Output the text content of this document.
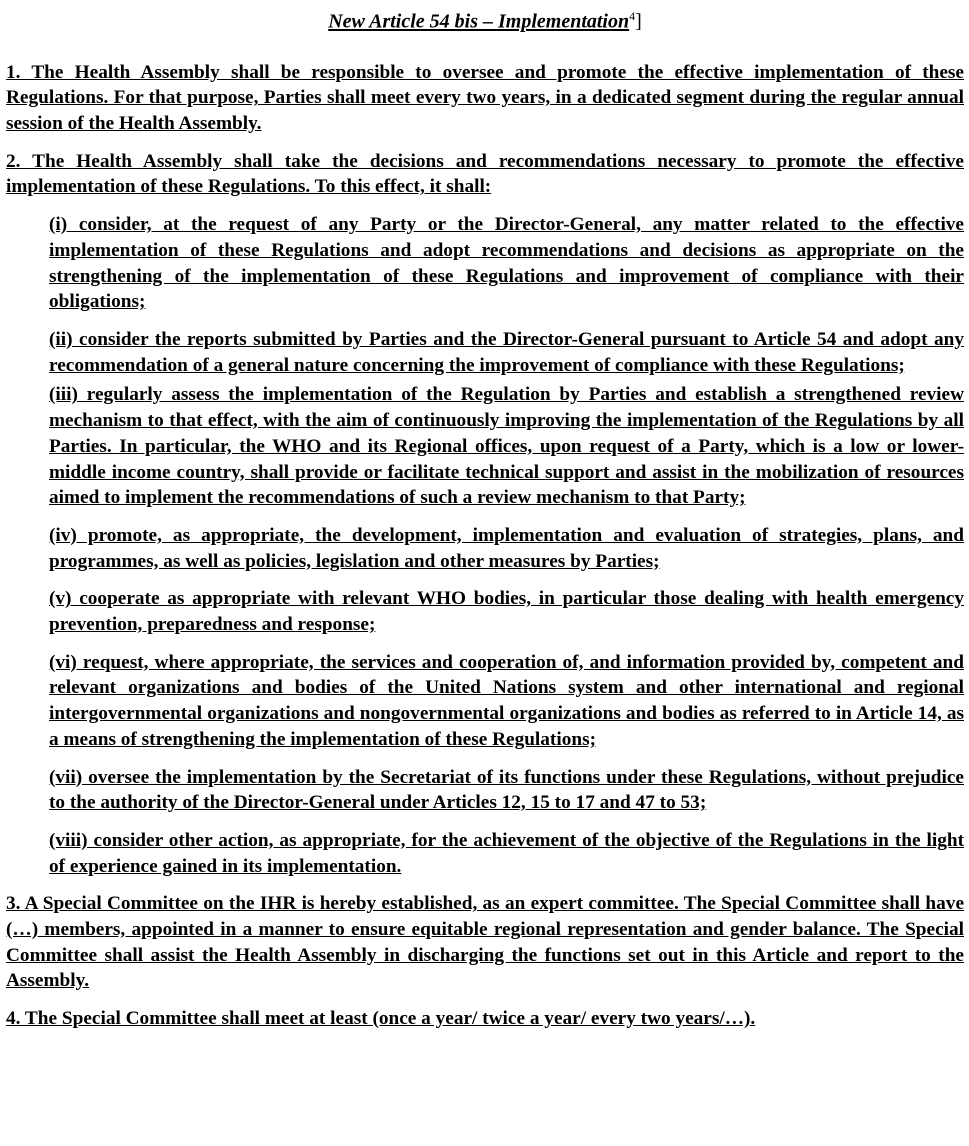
New Article 54 bis – Implementation$^4$]

1. The Health Assembly shall be responsible to oversee and promote the effective implementation of these Regulations. For that purpose, Parties shall meet every two years, in a dedicated segment during the regular annual session of the Health Assembly.

2. The Health Assembly shall take the decisions and recommendations necessary to promote the effective implementation of these Regulations. To this effect, it shall:

(i) consider, at the request of any Party or the Director-General, any matter related to the effective implementation of these Regulations and adopt recommendations and decisions as appropriate on the strengthening of the implementation of these Regulations and improvement of compliance with their obligations;

(ii) consider the reports submitted by Parties and the Director-General pursuant to Article 54 and adopt any recommendation of a general nature concerning the improvement of compliance with these Regulations;

(iii) regularly assess the implementation of the Regulation by Parties and establish a strengthened review mechanism to that effect, with the aim of continuously improving the implementation of the Regulations by all Parties. In particular, the WHO and its Regional offices, upon request of a Party, which is a low or lower-middle income country, shall provide or facilitate technical support and assist in the mobilization of resources aimed to implement the recommendations of such a review mechanism to that Party;

(iv) promote, as appropriate, the development, implementation and evaluation of strategies, plans, and programmes, as well as policies, legislation and other measures by Parties;

(v) cooperate as appropriate with relevant WHO bodies, in particular those dealing with health emergency prevention, preparedness and response;

(vi) request, where appropriate, the services and cooperation of, and information provided by, competent and relevant organizations and bodies of the United Nations system and other international and regional intergovernmental organizations and nongovernmental organizations and bodies as referred to in Article 14, as a means of strengthening the implementation of these Regulations;

(vii) oversee the implementation by the Secretariat of its functions under these Regulations, without prejudice to the authority of the Director-General under Articles 12, 15 to 17 and 47 to 53;

(viii) consider other action, as appropriate, for the achievement of the objective of the Regulations in the light of experience gained in its implementation.

3. A Special Committee on the IHR is hereby established, as an expert committee. The Special Committee shall have (…) members, appointed in a manner to ensure equitable regional representation and gender balance. The Special Committee shall assist the Health Assembly in discharging the functions set out in this Article and report to the Assembly.

4. The Special Committee shall meet at least (once a year/ twice a year/ every two years/…).
